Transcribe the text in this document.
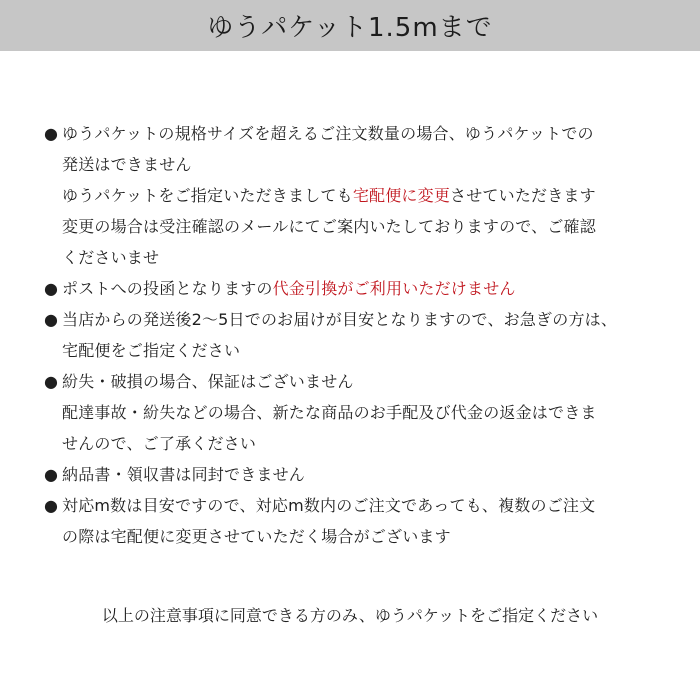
ゆうパケット1.5mまで
● ゆうパケットの規格サイズを超えるご注文数量の場合、ゆうパケットでの
発送はできません
ゆうパケットをご指定いただきましても宅配便に変更させていただきます
変更の場合は受注確認のメールにてご案内いたしておりますので、ご確認
くださいませ
● ポストへの投函となりますの代金引換がご利用いただけません
● 当店からの発送後2～5日でのお届けが目安となりますので、お急ぎの方は、
宅配便をご指定ください
● 紛失・破損の場合、保証はございません
配達事故・紛失などの場合、新たな商品のお手配及び代金の返金はできま
せんので、ご了承ください
● 納品書・領収書は同封できません
● 対応m数は目安ですので、対応m数内のご注文であっても、複数のご注文
の際は宅配便に変更させていただく場合がございます
以上の注意事項に同意できる方のみ、ゆうパケットをご指定ください
